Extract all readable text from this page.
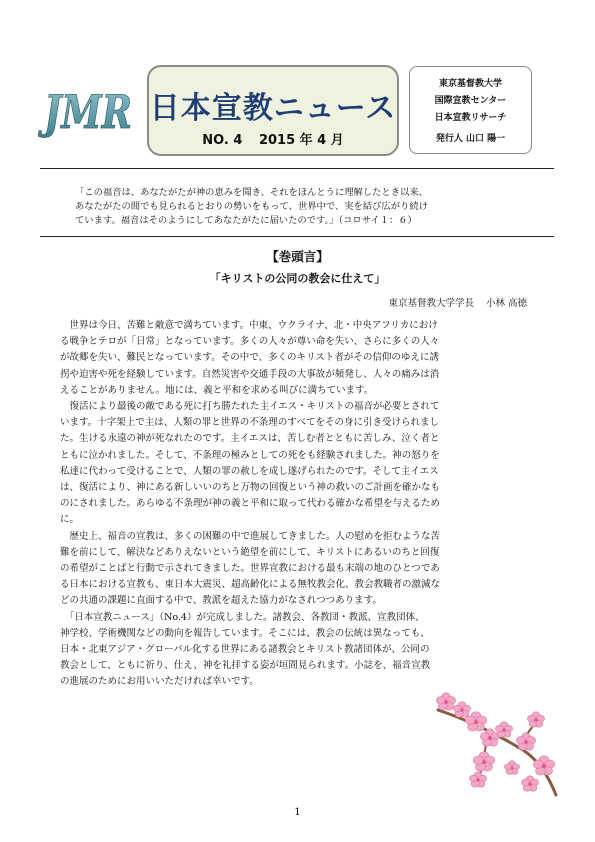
JMR 日本宣教ニュース
NO. 4 2015 年 4 月
東京基督教大学
国際宣教センター
日本宣教リサーチ
発行人 山口 陽一

「この福音は、あなたがたが神の恵みを聞き、それをほんとうに理解したとき以来、

あなたがたの間でも見られるとおりの勢いをもって、世界中で、実を結び広がり続け

ています。福音はそのようにしてあなたがたに届いたのです。」（コロサイ１：６）

【巻頭言】
「キリストの公同の教会に仕えて」
東京基督教大学学長 小林 高徳

　世界は今日、苦難と敵意で満ちています。中東、ウクライナ、北・中央アフリカにおけ

る戦争とテロが「日常」となっています。多くの人々が尊い命を失い、さらに多くの人々

が故郷を失い、難民となっています。その中で、多くのキリスト者がその信仰のゆえに誘

拐や迫害や死を経験しています。自然災害や交通手段の大事故が頻発し、人々の痛みは消

えることがありません。地には、義と平和を求める叫びに満ちています。

　復活により最後の敵である死に打ち勝たれた主イエス・キリストの福音が必要とされて

います。十字架上で主は、人類の罪と世界の不条理のすべてをその身に引き受けられまし

た。生ける永遠の神が死なれたのです。主イエスは、苦しむ者とともに苦しみ、泣く者と

ともに泣かれました。そして、不条理の極みとしての死をも経験されました。神の怒りを

私達に代わって受けることで、人類の罪の赦しを成し遂げられたのです。そして主イエス

は、復活により、神にある新しいいのちと万物の回復という神の救いのご計画を確かなも

のにされました。あらゆる不条理が神の義と平和に取って代わる確かな希望を与えるため

に。

　歴史上、福音の宣教は、多くの困難の中で進展してきました。人の慰めを拒むような苦

難を前にして、解決などありえないという絶望を前にして、キリストにあるいのちと回復

の希望がことばと行動で示されてきました。世界宣教における最も末端の地のひとつであ

る日本における宣教も、東日本大震災、超高齢化による無牧教会化、教会教職者の激減な

どの共通の課題に直面する中で、教派を超えた協力がなされつつあります。

　「日本宣教ニュース」（No.4）が完成しました。諸教会、各教団・教派、宣教団体、

神学校、学術機関などの動向を報告しています。そこには、教会の伝統は異なっても、

日本・北東アジア・グローバル化する世界にある諸教会とキリスト教諸団体が、公同の

教会として、ともに祈り、仕え、神を礼拝する姿が垣間見られます。小誌を、福音宣教

の進展のためにお用いいただければ幸いです。

1
